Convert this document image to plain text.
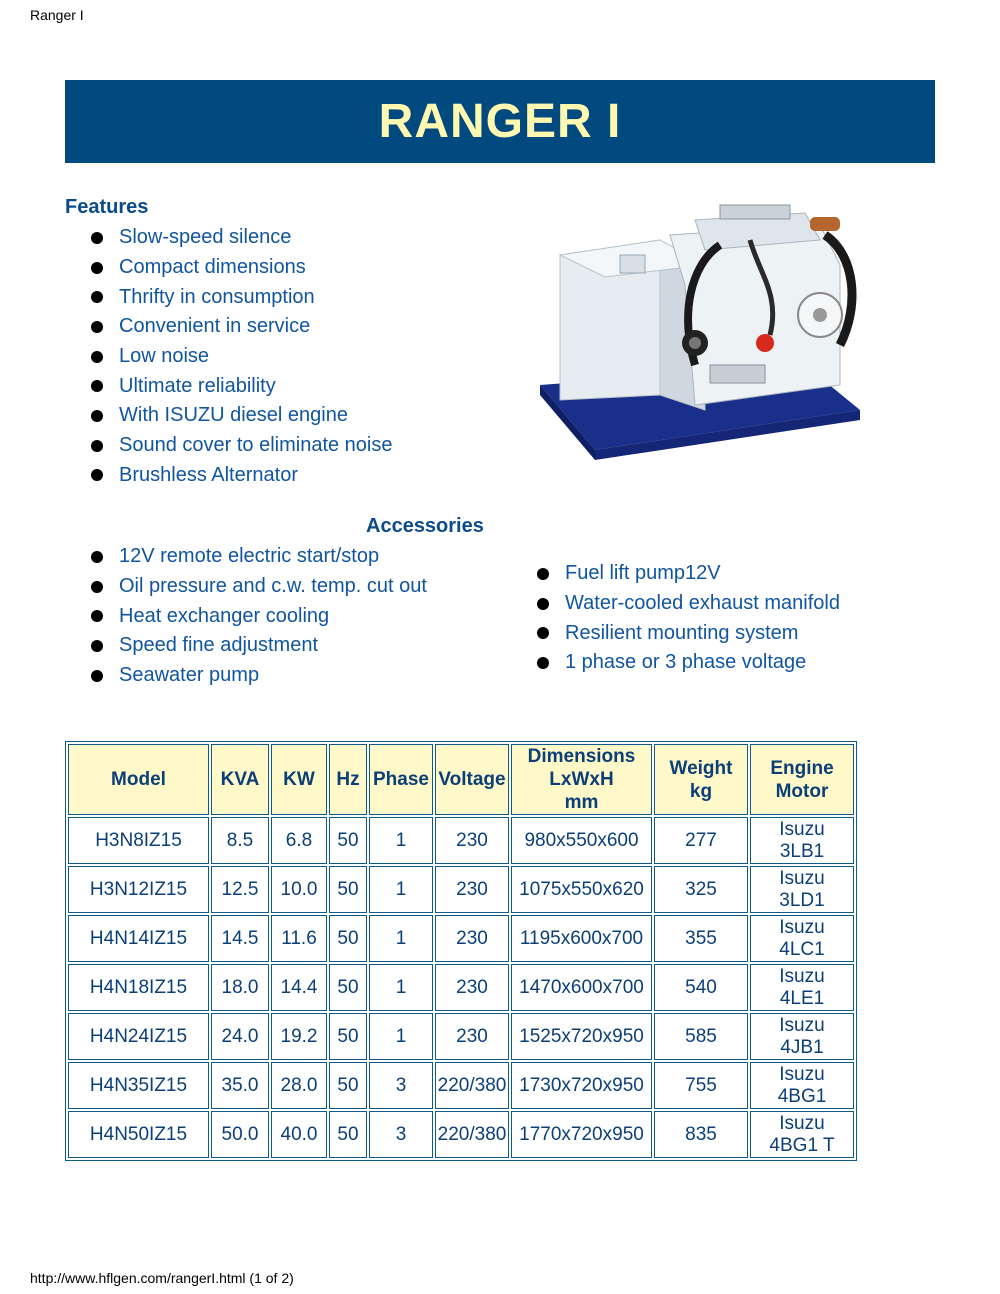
Ranger I
RANGER I
Features
Slow-speed silence
Compact dimensions
Thrifty in consumption
Convenient in service
Low noise
Ultimate reliability
With ISUZU diesel engine
Sound cover to eliminate noise
Brushless Alternator
Accessories
12V remote electric start/stop
Oil pressure and c.w. temp. cut out
Heat exchanger cooling
Speed fine adjustment
Seawater pump
Fuel lift pump12V
Water-cooled exhaust manifold
Resilient mounting system
1 phase or 3 phase voltage
Model	KVA	KW	Hz	Phase	Voltage	Dimensions
LxWxH
mm	Weight
kg	Engine
Motor
H3N8IZ15	8.5	6.8	50	1	230	980x550x600	277	Isuzu
3LB1
H3N12IZ15	12.5	10.0	50	1	230	1075x550x620	325	Isuzu
3LD1
H4N14IZ15	14.5	11.6	50	1	230	1195x600x700	355	Isuzu
4LC1
H4N18IZ15	18.0	14.4	50	1	230	1470x600x700	540	Isuzu
4LE1
H4N24IZ15	24.0	19.2	50	1	230	1525x720x950	585	Isuzu
4JB1
H4N35IZ15	35.0	28.0	50	3	220/380	1730x720x950	755	Isuzu
4BG1
H4N50IZ15	50.0	40.0	50	3	220/380	1770x720x950	835	Isuzu
4BG1 T
http://www.hflgen.com/rangerI.html (1 of 2)
